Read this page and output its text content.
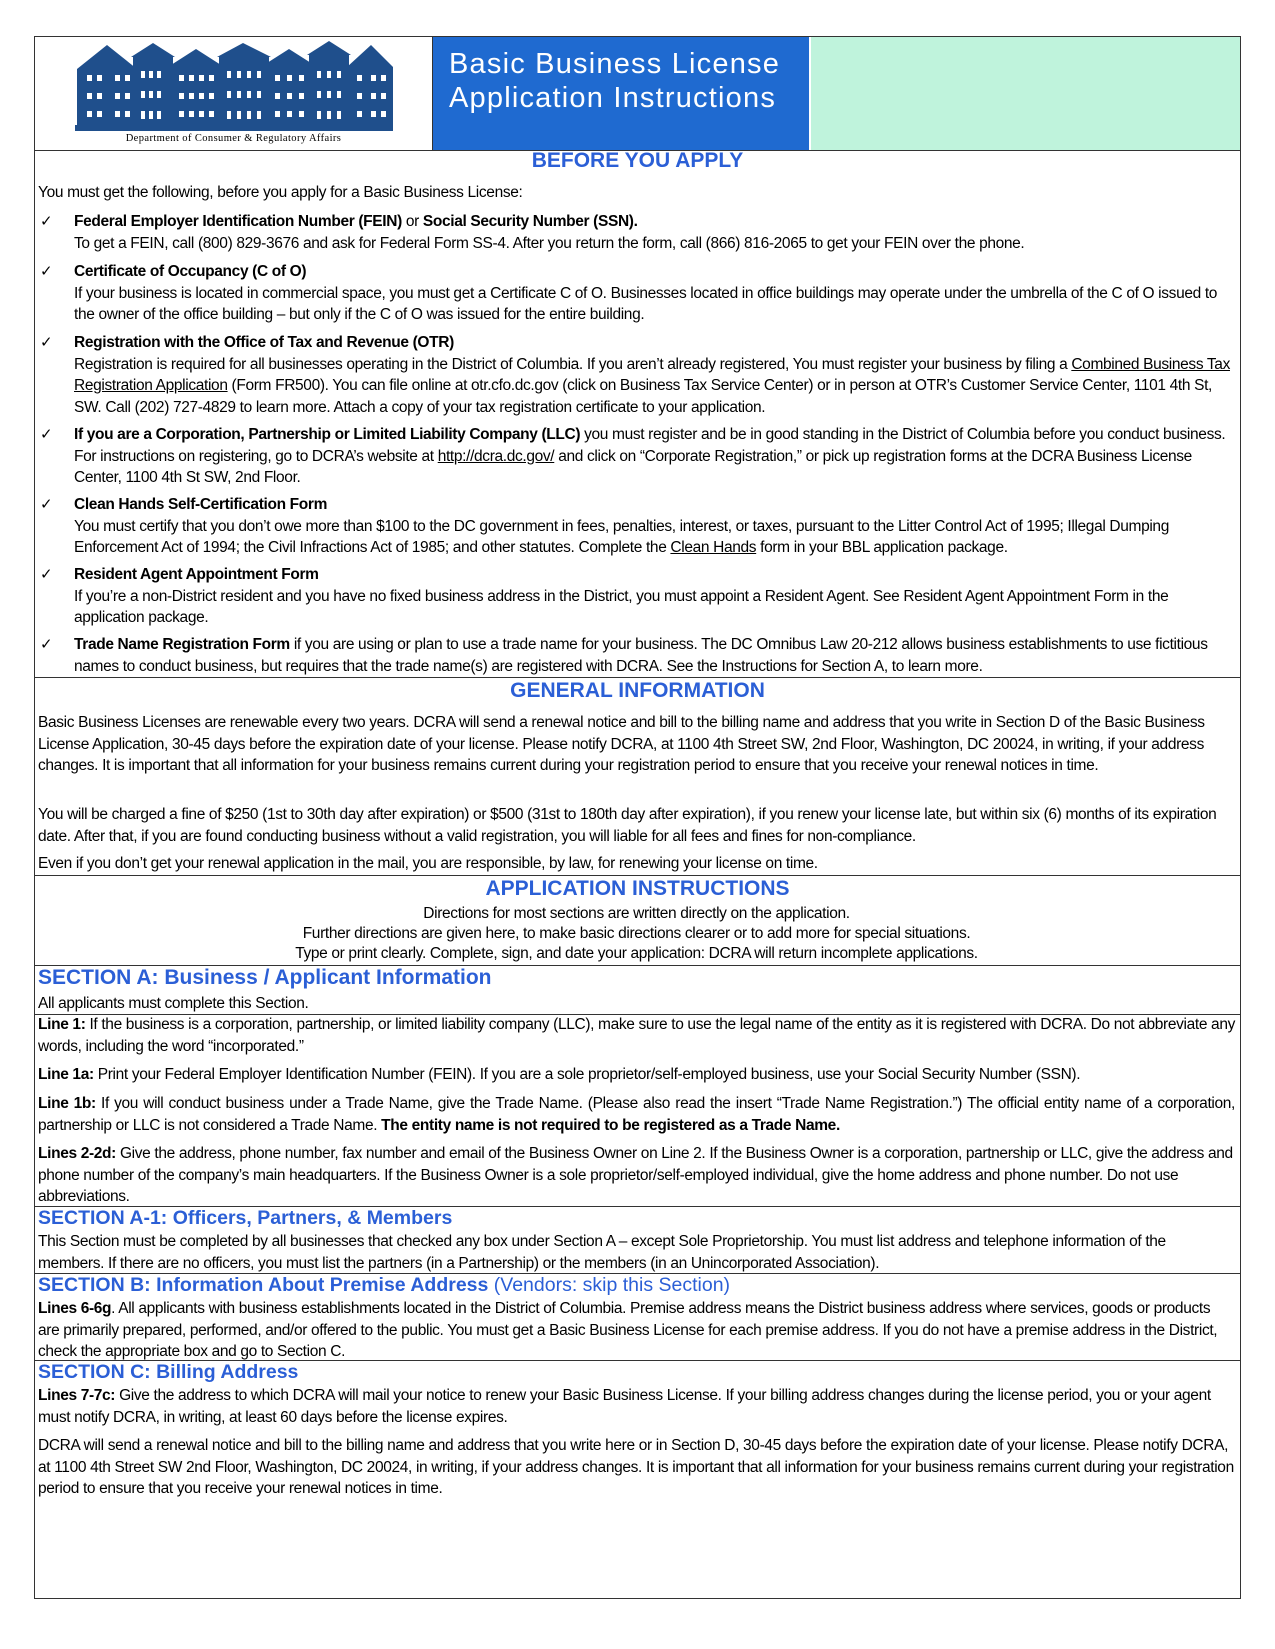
Department of Consumer & Regulatory Affairs
Basic Business License
Application Instructions
BEFORE YOU APPLY
You must get the following, before you apply for a Basic Business License:
✓ Federal Employer Identification Number (FEIN) or Social Security Number (SSN).
To get a FEIN, call (800) 829-3676 and ask for Federal Form SS-4. After you return the form, call (866) 816-2065 to get your FEIN over the phone.
✓ Certificate of Occupancy (C of O)
If your business is located in commercial space, you must get a Certificate C of O. Businesses located in office buildings may operate under the umbrella of the C of O issued to the owner of the office building – but only if the C of O was issued for the entire building.
✓ Registration with the Office of Tax and Revenue (OTR)
Registration is required for all businesses operating in the District of Columbia. If you aren’t already registered, You must register your business by filing a Combined Business Tax Registration Application (Form FR500). You can file online at otr.cfo.dc.gov (click on Business Tax Service Center) or in person at OTR’s Customer Service Center, 1101 4th St, SW. Call (202) 727-4829 to learn more. Attach a copy of your tax registration certificate to your application.
✓ If you are a Corporation, Partnership or Limited Liability Company (LLC) you must register and be in good standing in the District of Columbia before you conduct business. For instructions on registering, go to DCRA’s website at http://dcra.dc.gov/ and click on “Corporate Registration,” or pick up registration forms at the DCRA Business License Center, 1100 4th St SW, 2nd Floor.
✓ Clean Hands Self-Certification Form
You must certify that you don’t owe more than $100 to the DC government in fees, penalties, interest, or taxes, pursuant to the Litter Control Act of 1995; Illegal Dumping Enforcement Act of 1994; the Civil Infractions Act of 1985; and other statutes. Complete the Clean Hands form in your BBL application package.
✓ Resident Agent Appointment Form
If you’re a non-District resident and you have no fixed business address in the District, you must appoint a Resident Agent. See Resident Agent Appointment Form in the application package.
✓ Trade Name Registration Form if you are using or plan to use a trade name for your business. The DC Omnibus Law 20-212 allows business establishments to use fictitious names to conduct business, but requires that the trade name(s) are registered with DCRA. See the Instructions for Section A, to learn more.
GENERAL INFORMATION
Basic Business Licenses are renewable every two years. DCRA will send a renewal notice and bill to the billing name and address that you write in Section D of the Basic Business License Application, 30-45 days before the expiration date of your license. Please notify DCRA, at 1100 4th Street SW, 2nd Floor, Washington, DC 20024, in writing, if your address changes. It is important that all information for your business remains current during your registration period to ensure that you receive your renewal notices in time.
You will be charged a fine of $250 (1st to 30th day after expiration) or $500 (31st to 180th day after expiration), if you renew your license late, but within six (6) months of its expiration date. After that, if you are found conducting business without a valid registration, you will liable for all fees and fines for non-compliance.
Even if you don’t get your renewal application in the mail, you are responsible, by law, for renewing your license on time.
APPLICATION INSTRUCTIONS
Directions for most sections are written directly on the application.
Further directions are given here, to make basic directions clearer or to add more for special situations.
Type or print clearly. Complete, sign, and date your application: DCRA will return incomplete applications.
SECTION A: Business / Applicant Information
All applicants must complete this Section.
Line 1: If the business is a corporation, partnership, or limited liability company (LLC), make sure to use the legal name of the entity as it is registered with DCRA. Do not abbreviate any words, including the word “incorporated.”
Line 1a: Print your Federal Employer Identification Number (FEIN). If you are a sole proprietor/self-employed business, use your Social Security Number (SSN).
Line 1b: If you will conduct business under a Trade Name, give the Trade Name. (Please also read the insert “Trade Name Registration.”) The official entity name of a corporation, partnership or LLC is not considered a Trade Name. The entity name is not required to be registered as a Trade Name.
Lines 2-2d: Give the address, phone number, fax number and email of the Business Owner on Line 2. If the Business Owner is a corporation, partnership or LLC, give the address and phone number of the company’s main headquarters. If the Business Owner is a sole proprietor/self-employed individual, give the home address and phone number. Do not use abbreviations.
SECTION A-1: Officers, Partners, & Members
This Section must be completed by all businesses that checked any box under Section A – except Sole Proprietorship. You must list address and telephone information of the members. If there are no officers, you must list the partners (in a Partnership) or the members (in an Unincorporated Association).
SECTION B: Information About Premise Address (Vendors: skip this Section)
Lines 6-6g. All applicants with business establishments located in the District of Columbia. Premise address means the District business address where services, goods or products are primarily prepared, performed, and/or offered to the public. You must get a Basic Business License for each premise address. If you do not have a premise address in the District, check the appropriate box and go to Section C.
SECTION C: Billing Address
Lines 7-7c: Give the address to which DCRA will mail your notice to renew your Basic Business License. If your billing address changes during the license period, you or your agent must notify DCRA, in writing, at least 60 days before the license expires.
DCRA will send a renewal notice and bill to the billing name and address that you write here or in Section D, 30-45 days before the expiration date of your license. Please notify DCRA, at 1100 4th Street SW 2nd Floor, Washington, DC 20024, in writing, if your address changes. It is important that all information for your business remains current during your registration period to ensure that you receive your renewal notices in time.
